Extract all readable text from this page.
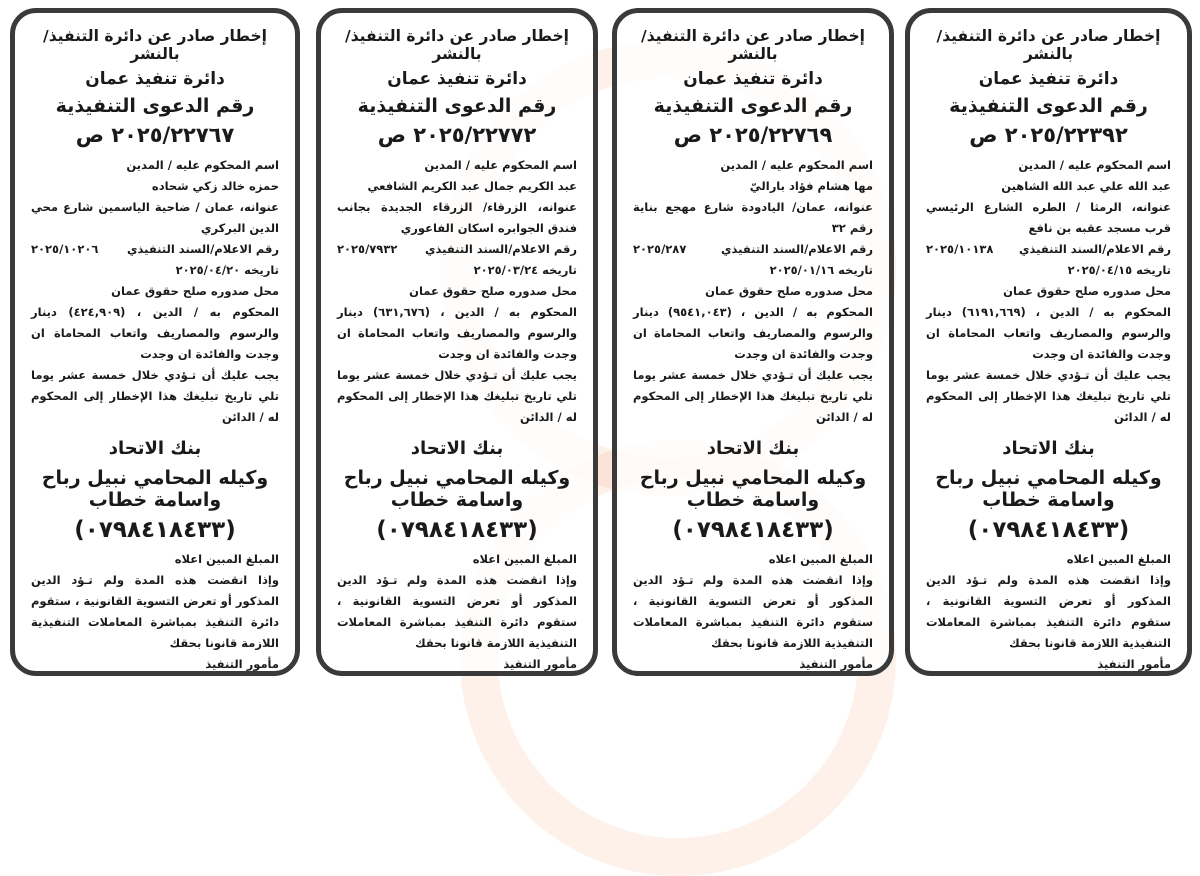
إخطار صادر عن دائرة التنفيذ/ بالنشر
دائرة تنفيذ عمان
رقم الدعوى التنفيذية
٢٠٢٥/٢٢٣٩٢ ص
اسم المحكوم عليه / المدين
عبد الله علي عبد الله الشاهين
عنوانه، الرمثا / الطره الشارع الرئيسي قرب مسجد عقبه بن نافع
رقم الاعلام/السند التنفيذي
٢٠٢٥/١٠١٣٨
تاريخه ٢٠٢٥/٠٤/١٥
محل صدوره صلح حقوق عمان
المحكوم به / الدين ، (٦١٩١,٦٦٩) دينار والرسوم والمصاريف واتعاب المحاماة ان وجدت والفائدة ان وجدت
يجب عليك أن تـؤدي خلال خمسة عشر يوما تلي تاريخ تبليغك هذا الإخطار إلى المحكوم له / الدائن
بنك الاتحاد
وكيله المحامي نبيل رباح واسامة خطاب
(٠٧٩٨٤١٨٤٣٣)
المبلغ المبين اعلاه
وإذا انقضت هذه المدة ولم تـؤد الدين المذكور أو تعرض التسوية القانونية ، ستقوم دائرة التنفيذ بمباشرة المعاملات التنفيذية اللازمة قانونا بحقك
مأمور التنفيذ
إخطار صادر عن دائرة التنفيذ/ بالنشر
دائرة تنفيذ عمان
رقم الدعوى التنفيذية
٢٠٢٥/٢٢٧٦٩ ص
اسم المحكوم عليه / المدين
مها هشام فؤاد باراليّ
عنوانه، عمان/ اليادودة شارع مهجع بناية رقم ٣٢
رقم الاعلام/السند التنفيذي
٢٠٢٥/٢٨٧
تاريخه ٢٠٢٥/٠١/١٦
محل صدوره صلح حقوق عمان
المحكوم به / الدين ، (٩٥٤١,٠٤٣) دينار والرسوم والمصاريف واتعاب المحاماة ان وجدت والفائدة ان وجدت
يجب عليك أن تـؤدي خلال خمسة عشر يوما تلي تاريخ تبليغك هذا الإخطار إلى المحكوم له / الدائن
بنك الاتحاد
وكيله المحامي نبيل رباح واسامة خطاب
(٠٧٩٨٤١٨٤٣٣)
المبلغ المبين اعلاه
وإذا انقضت هذه المدة ولم تـؤد الدين المذكور أو تعرض التسوية القانونية ، ستقوم دائرة التنفيذ بمباشرة المعاملات التنفيذية اللازمة قانونا بحقك
مأمور التنفيذ
إخطار صادر عن دائرة التنفيذ/ بالنشر
دائرة تنفيذ عمان
رقم الدعوى التنفيذية
٢٠٢٥/٢٢٧٧٢ ص
اسم المحكوم عليه / المدين
عبد الكريم جمال عبد الكريم الشافعي
عنوانه، الزرقاء/ الزرقاء الجديدة بجانب فندق الجوابره اسكان الفاعوري
رقم الاعلام/السند التنفيذي
٢٠٢٥/٧٩٣٢
تاريخه ٢٠٢٥/٠٣/٢٤
محل صدوره صلح حقوق عمان
المحكوم به / الدين ، (٦٣١,٦٧٦) دينار والرسوم والمصاريف واتعاب المحاماة ان وجدت والفائدة ان وجدت
يجب عليك أن تـؤدي خلال خمسة عشر يوما تلي تاريخ تبليغك هذا الإخطار إلى المحكوم له / الدائن
بنك الاتحاد
وكيله المحامي نبيل رباح واسامة خطاب
(٠٧٩٨٤١٨٤٣٣)
المبلغ المبين اعلاه
وإذا انقضت هذه المدة ولم تـؤد الدين المذكور أو تعرض التسوية القانونية ، ستقوم دائرة التنفيذ بمباشرة المعاملات التنفيذية اللازمة قانونا بحقك
مأمور التنفيذ
إخطار صادر عن دائرة التنفيذ/ بالنشر
دائرة تنفيذ عمان
رقم الدعوى التنفيذية
٢٠٢٥/٢٢٧٦٧ ص
اسم المحكوم عليه / المدين
حمزه خالد زكي شحاده
عنوانه، عمان / ضاحية الياسمين شارع محي الدين البركري
رقم الاعلام/السند التنفيذي
٢٠٢٥/١٠٢٠٦
تاريخه ٢٠٢٥/٠٤/٢٠
محل صدوره صلح حقوق عمان
المحكوم به / الدين ، (٤٢٤,٩٠٩) دينار والرسوم والمصاريف واتعاب المحاماة ان وجدت والفائدة ان وجدت
يجب عليك أن تـؤدي خلال خمسة عشر يوما تلي تاريخ تبليغك هذا الإخطار إلى المحكوم له / الدائن
بنك الاتحاد
وكيله المحامي نبيل رباح واسامة خطاب
(٠٧٩٨٤١٨٤٣٣)
المبلغ المبين اعلاه
وإذا انقضت هذه المدة ولم تـؤد الدين المذكور أو تعرض التسوية القانونية ، ستقوم دائرة التنفيذ بمباشرة المعاملات التنفيذية اللازمة قانونا بحقك
مأمور التنفيذ
